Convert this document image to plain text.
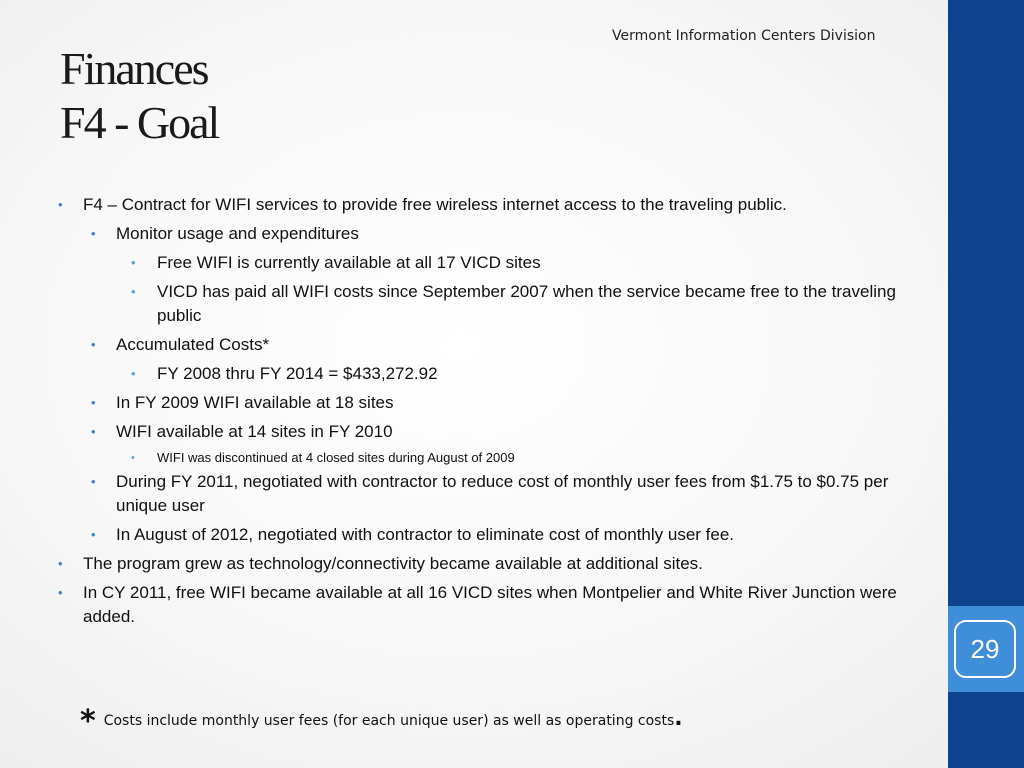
29
Vermont Information Centers Division
Finances
F4 - Goal
• F4 – Contract for WIFI services to provide free wireless internet access to the traveling public.
• Monitor usage and expenditures
• Free WIFI is currently available at all 17 VICD sites
• VICD has paid all WIFI costs since September 2007 when the service became free to the traveling public
• Accumulated Costs*
• FY 2008 thru FY 2014 = $433,272.92
• In FY 2009 WIFI available at 18 sites
• WIFI available at 14 sites in FY 2010
• WIFI was discontinued at 4 closed sites during August of 2009
• During FY 2011, negotiated with contractor to reduce cost of monthly user fees from $1.75 to $0.75 per unique user
• In August of 2012, negotiated with contractor to eliminate cost of monthly user fee.
• The program grew as technology/connectivity became available at additional sites.
• In CY 2011, free WIFI became available at all 16 VICD sites when Montpelier and White River Junction were added.
* Costs include monthly user fees (for each unique user) as well as operating costs.
